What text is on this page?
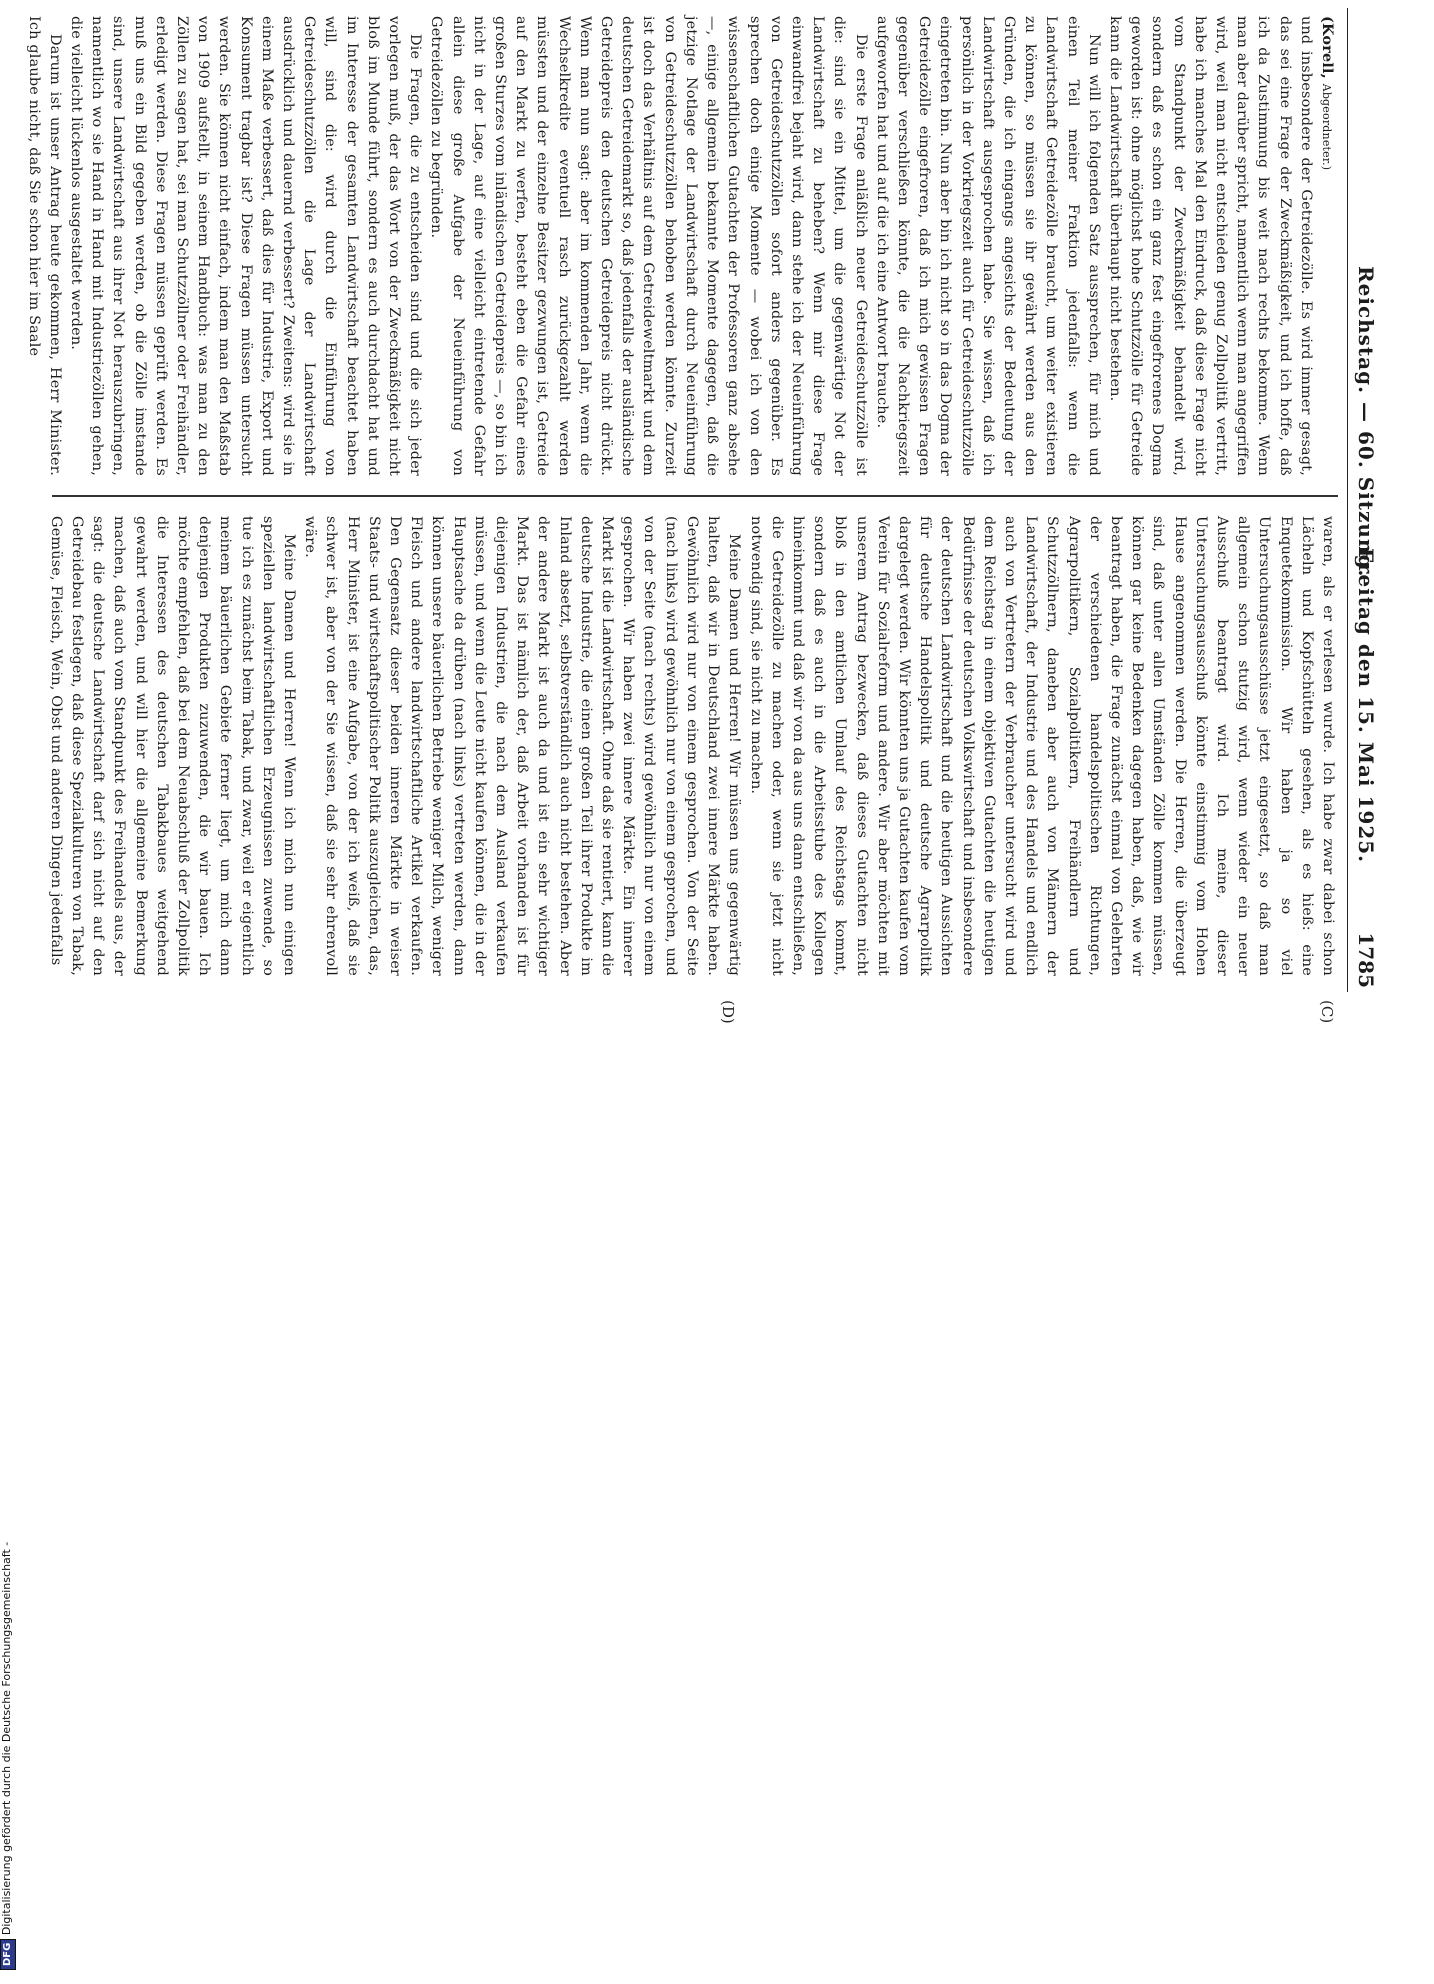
Reichstag. — 60. Sitzung.
Freitag den 15. Mai 1925.
1785
(C)
(D)

(Korell, Abgeordneter.)

und insbesondere der Getreidezölle. Es wird immer gesagt, das sei eine Frage der Zweckmäßigkeit, und ich hoffe, daß ich da Zustimmung bis weit nach rechts bekomme. Wenn man aber darüber spricht, namentlich wenn man angegriffen wird, weil man nicht entschieden genug Zollpolitik vertritt, habe ich manches Mal den Eindruck, daß diese Frage nicht vom Standpunkt der Zweckmäßigkeit behandelt wird, sondern daß es schon ein ganz fest eingefrorenes Dogma geworden ist: ohne möglichst hohe Schutzzölle für Getreide kann die Landwirtschaft überhaupt nicht bestehen.

Nun will ich folgenden Satz aussprechen, für mich und einen Teil meiner Fraktion jedenfalls: wenn die Landwirtschaft Getreidezölle braucht, um weiter existieren zu können, so müssen sie ihr gewährt werden aus den Gründen, die ich eingangs angesichts der Bedeutung der Landwirtschaft ausgesprochen habe. Sie wissen, daß ich persönlich in der Vorkriegszeit auch für Getreideschutzzölle eingetreten bin. Nun aber bin ich nicht so in das Dogma der Getreidezölle eingefroren, daß ich mich gewissen Fragen gegenüber verschließen könnte, die die Nachkriegszeit aufgeworfen hat und auf die ich eine Antwort brauche.

Die erste Frage anläßlich neuer Getreideschutzzölle ist die: sind sie ein Mittel, um die gegenwärtige Not der Landwirtschaft zu beheben? Wenn mir diese Frage einwandfrei bejaht wird, dann stehe ich der Neueinführung von Getreideschutzzöllen sofort anders gegenüber. Es sprechen doch einige Momente — wobei ich von den wissenschaftlichen Gutachten der Professoren ganz absehe —, einige allgemein bekannte Momente dagegen, daß die jetzige Notlage der Landwirtschaft durch Neueinführung von Getreideschutzzöllen behoben werden könnte. Zurzeit ist doch das Verhältnis auf dem Getreideweltmarkt und dem deutschen Getreidemarkt so, daß jedenfalls der ausländische Getreidepreis den deutschen Getreidepreis nicht drückt. Wenn man nun sagt: aber im kommenden Jahr, wenn die Wechselkredite eventuell rasch zurückgezahlt werden müssten und der einzelne Besitzer gezwungen ist, Getreide auf den Markt zu werfen, besteht eben die Gefahr eines großen Sturzes vom inländischen Getreidepreis —, so bin ich nicht in der Lage, auf eine vielleicht eintretende Gefahr allein diese große Aufgabe der Neueinführung von Getreidezöllen zu begründen.

Die Fragen, die zu entscheiden sind und die sich jeder vorlegen muß, der das Wort von der Zweckmäßigkeit nicht bloß im Munde führt, sondern es auch durchdacht hat und im Interesse der gesamten Landwirtschaft beachtet haben will, sind die: wird durch die Einführung von Getreideschutzzöllen die Lage der Landwirtschaft ausdrücklich und dauernd verbessert? Zweitens: wird sie in einem Maße verbessert, daß dies für Industrie, Export und Konsument tragbar ist? Diese Fragen müssen untersucht werden. Sie können nicht einfach, indem man den Maßstab von 1909 aufstellt, in seinem Handbuch: was man zu den Zöllen zu sagen hat, sei man Schutzzöllner oder Freihändler, erledigt werden. Diese Fragen müssen geprüft werden. Es muß uns ein Bild gegeben werden, ob die Zölle imstande sind, unsere Landwirtschaft aus ihrer Not herauszubringen, namentlich wo sie Hand in Hand mit Industriezöllen gehen, die vielleicht lückenlos ausgestaltet werden.

Darum ist unser Antrag heute gekommen, Herr Minister. Ich glaube nicht, daß Sie schon hier im Saale

waren, als er verlesen wurde. Ich habe zwar dabei schon Lächeln und Kopfschütteln gesehen, als es hieß: eine Enquetekommission. Wir haben ja so viel Untersuchungsausschüsse jetzt eingesetzt, so daß man allgemein schon stutzig wird, wenn wieder ein neuer Ausschuß beantragt wird. Ich meine, dieser Untersuchungsausschuß könnte einstimmig vom Hohen Hause angenommen werden. Die Herren, die überzeugt sind, daß unter allen Umständen Zölle kommen müssen, können gar keine Bedenken dagegen haben, daß, wie wir beantragt haben, die Frage zunächst einmal von Gelehrten der verschiedenen handelspolitischen Richtungen, Agrarpolitikern, Sozialpolitikern, Freihändlern und Schutzzöllnern, daneben aber auch von Männern der Landwirtschaft, der Industrie und des Handels und endlich auch von Vertretern der Verbraucher untersucht wird und dem Reichstag in einem objektiven Gutachten die heutigen Bedürfnisse der deutschen Volkswirtschaft und insbesondere der deutschen Landwirtschaft und die heutigen Aussichten für deutsche Handelspolitik und deutsche Agrarpolitik dargelegt werden. Wir könnten uns ja Gutachten kaufen vom Verein für Sozialreform und andere. Wir aber möchten mit unserem Antrag bezwecken, daß dieses Gutachten nicht bloß in den amtlichen Umlauf des Reichstags kommt, sondern daß es auch in die Arbeitsstube des Kollegen hineinkommt und daß wir von da aus uns dann entschließen, die Getreidezölle zu machen oder, wenn sie jetzt nicht notwendig sind, sie nicht zu machen.

Meine Damen und Herren! Wir müssen uns gegenwärtig halten, daß wir in Deutschland zwei innere Märkte haben. Gewöhnlich wird nur von einem gesprochen. Von der Seite (nach links) wird gewöhnlich nur von einem gesprochen, und von der Seite (nach rechts) wird gewöhnlich nur von einem gesprochen. Wir haben zwei innere Märkte. Ein innerer Markt ist die Landwirtschaft. Ohne daß sie rentiert, kann die deutsche Industrie, die einen großen Teil ihrer Produkte im Inland absetzt, selbstverständlich auch nicht bestehen. Aber der andere Markt ist auch da und ist ein sehr wichtiger Markt. Das ist nämlich der, daß Arbeit vorhanden ist für diejenigen Industrien, die nach dem Ausland verkaufen müssen, und wenn die Leute nicht kaufen können, die in der Hauptsache da drüben (nach links) vertreten werden, dann können unsere bäuerlichen Betriebe weniger Milch, weniger Fleisch und andere landwirtschaftliche Artikel verkaufen. Den Gegensatz dieser beiden inneren Märkte in weiser Staats- und wirtschaftspolitischer Politik auszugleichen, das, Herr Minister, ist eine Aufgabe, von der ich weiß, daß sie schwer ist, aber von der Sie wissen, daß sie sehr ehrenvoll wäre.

Meine Damen und Herren! Wenn ich mich nun einigen speziellen landwirtschaftlichen Erzeugnissen zuwende, so tue ich es zunächst beim Tabak, und zwar, weil er eigentlich meinem bäuerlichen Gebiete ferner liegt, um mich dann denjenigen Produkten zuzuwenden, die wir bauen. Ich möchte empfehlen, daß bei dem Neuabschluß der Zollpolitik die Interessen des deutschen Tabakbaues weitgehend gewahrt werden, und will hier die allgemeine Bemerkung machen, daß auch vom Standpunkt des Freihandels aus, der sagt: die deutsche Landwirtschaft darf sich nicht auf den Getreidebau festlegen, daß diese Spezialkulturen von Tabak, Gemüse, Fleisch, Wein, Obst und anderen Dingen jedenfalls

DFG Digitalisierung gefördert durch die Deutsche Forschungsgemeinschaft -
